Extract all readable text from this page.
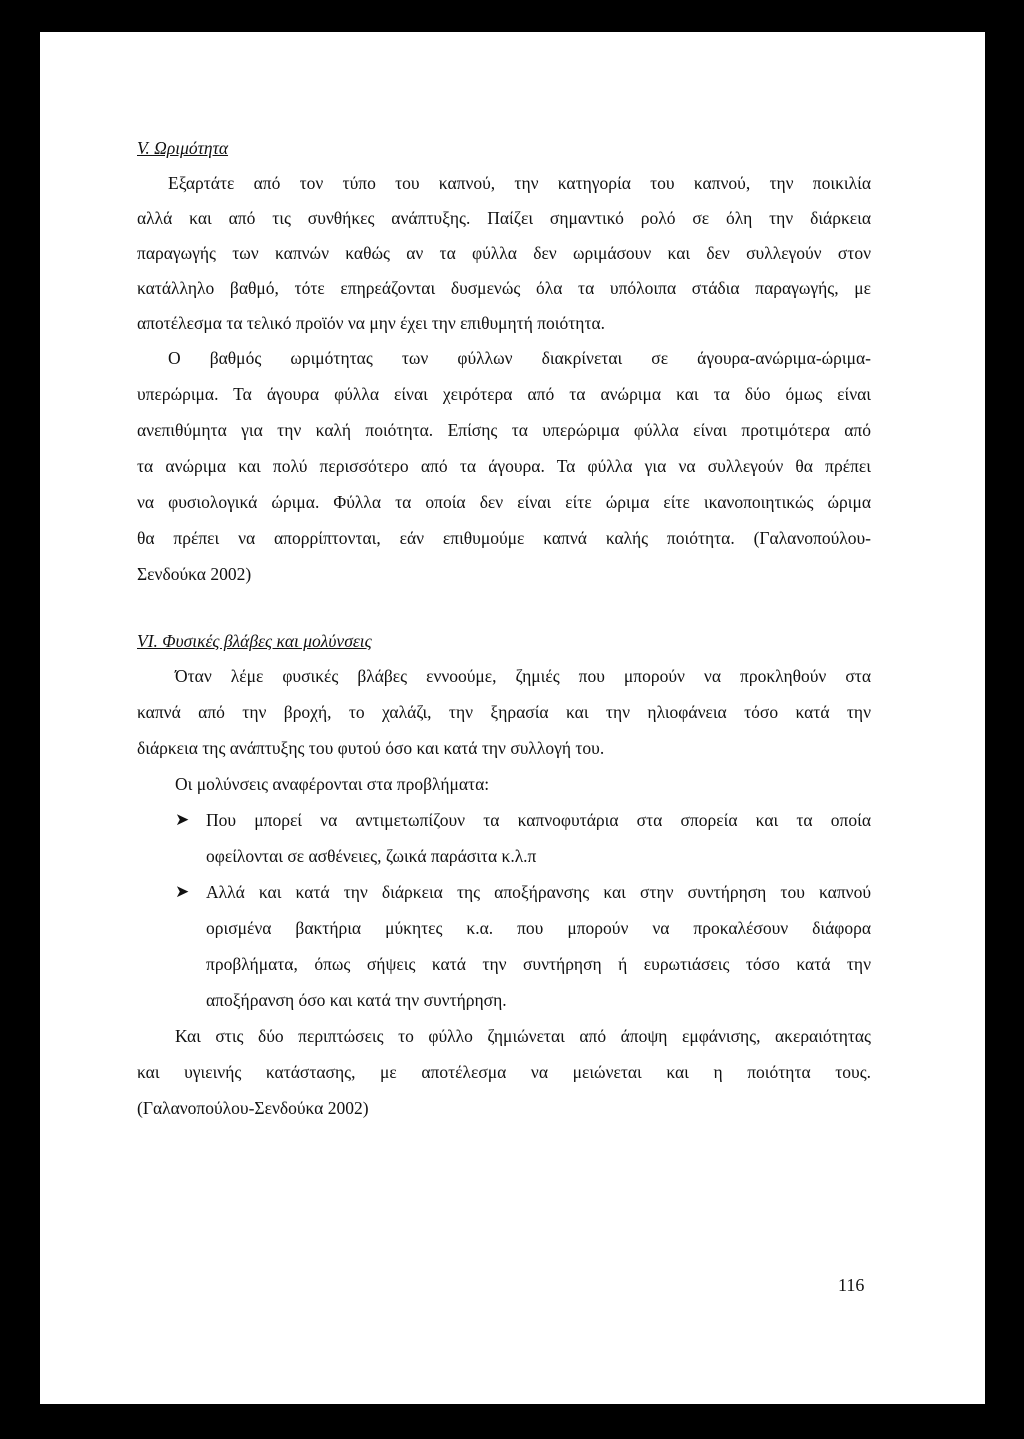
V. Ωριμότητα
Εξαρτάτε από τον τύπο του καπνού, την κατηγορία του καπνού, την ποικιλία
αλλά και από τις συνθήκες ανάπτυξης. Παίζει σημαντικό ρολό σε όλη την διάρκεια
παραγωγής των καπνών καθώς αν τα φύλλα δεν ωριμάσουν και δεν συλλεγούν στον
κατάλληλο βαθμό, τότε επηρεάζονται δυσμενώς όλα τα υπόλοιπα στάδια παραγωγής, με
αποτέλεσμα τα τελικό προϊόν να μην έχει την επιθυμητή ποιότητα.
Ο βαθμός ωριμότητας των φύλλων διακρίνεται σε άγουρα-ανώριμα-ώριμα-
υπερώριμα. Τα άγουρα φύλλα είναι χειρότερα από τα ανώριμα και τα δύο όμως είναι
ανεπιθύμητα για την καλή ποιότητα. Επίσης τα υπερώριμα φύλλα είναι προτιμότερα από
τα ανώριμα και πολύ περισσότερο από τα άγουρα. Τα φύλλα για να συλλεγούν θα πρέπει
να φυσιολογικά ώριμα. Φύλλα τα οποία δεν είναι είτε ώριμα είτε ικανοποιητικώς ώριμα
θα πρέπει να απορρίπτονται, εάν επιθυμούμε καπνά καλής ποιότητα. (Γαλανοπούλου-
Σενδούκα 2002)
VI. Φυσικές βλάβες και μολύνσεις
Όταν λέμε φυσικές βλάβες εννοούμε, ζημιές που μπορούν να προκληθούν στα
καπνά από την βροχή, το χαλάζι, την ξηρασία και την ηλιοφάνεια τόσο κατά την
διάρκεια της ανάπτυξης του φυτού όσο και κατά την συλλογή του.
Οι μολύνσεις αναφέρονται στα προβλήματα:
➤ Που μπορεί να αντιμετωπίζουν τα καπνοφυτάρια στα σπορεία και τα οποία
οφείλονται σε ασθένειες, ζωικά παράσιτα κ.λ.π
➤ Αλλά και κατά την διάρκεια της αποξήρανσης και στην συντήρηση του καπνού
ορισμένα βακτήρια μύκητες κ.α. που μπορούν να προκαλέσουν διάφορα
προβλήματα, όπως σήψεις κατά την συντήρηση ή ευρωτιάσεις τόσο κατά την
αποξήρανση όσο και κατά την συντήρηση.
Και στις δύο περιπτώσεις το φύλλο ζημιώνεται από άποψη εμφάνισης, ακεραιότητας
και υγιεινής κατάστασης, με αποτέλεσμα να μειώνεται και η ποιότητα τους.
(Γαλανοπούλου-Σενδούκα 2002)
116
